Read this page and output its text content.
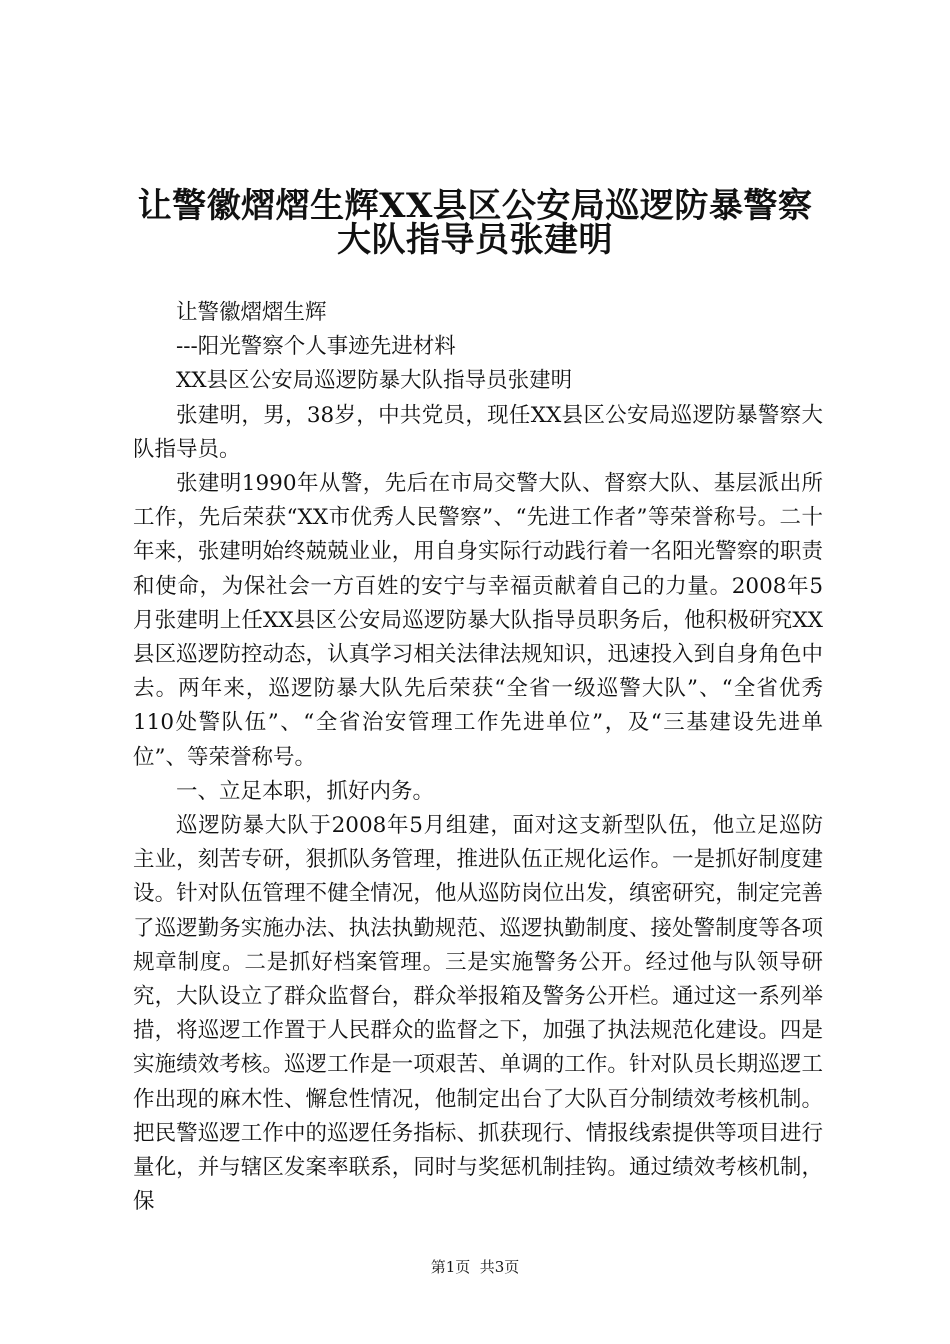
让警徽熠熠生辉XX县区公安局巡逻防暴警察
大队指导员张建明

让警徽熠熠生辉

---阳光警察个人事迹先进材料

XX县区公安局巡逻防暴大队指导员张建明

张建明，男，38岁，中共党员，现任XX县区公安局巡逻防暴警察大队指导员。

张建明1990年从警，先后在市局交警大队、督察大队、基层派出所工作，先后荣获“XX市优秀人民警察”、“先进工作者”等荣誉称号。二十年来，张建明始终兢兢业业，用自身实际行动践行着一名阳光警察的职责和使命，为保社会一方百姓的安宁与幸福贡献着自己的力量。2008年5月张建明上任XX县区公安局巡逻防暴大队指导员职务后，他积极研究XX县区巡逻防控动态，认真学习相关法律法规知识，迅速投入到自身角色中去。两年来，巡逻防暴大队先后荣获“全省一级巡警大队”、“全省优秀110处警队伍”、“全省治安管理工作先进单位”，及“三基建设先进单位”、等荣誉称号。

一、立足本职，抓好内务。

巡逻防暴大队于2008年5月组建，面对这支新型队伍，他立足巡防主业，刻苦专研，狠抓队务管理，推进队伍正规化运作。一是抓好制度建设。针对队伍管理不健全情况，他从巡防岗位出发，缜密研究，制定完善了巡逻勤务实施办法、执法执勤规范、巡逻执勤制度、接处警制度等各项规章制度。二是抓好档案管理。三是实施警务公开。经过他与队领导研究，大队设立了群众监督台，群众举报箱及警务公开栏。通过这一系列举措，将巡逻工作置于人民群众的监督之下，加强了执法规范化建设。四是实施绩效考核。巡逻工作是一项艰苦、单调的工作。针对队员长期巡逻工作出现的麻木性、懈怠性情况，他制定出台了大队百分制绩效考核机制。把民警巡逻工作中的巡逻任务指标、抓获现行、情报线索提供等项目进行量化，并与辖区发案率联系，同时与奖惩机制挂钩。通过绩效考核机制，保

第1页  共3页
